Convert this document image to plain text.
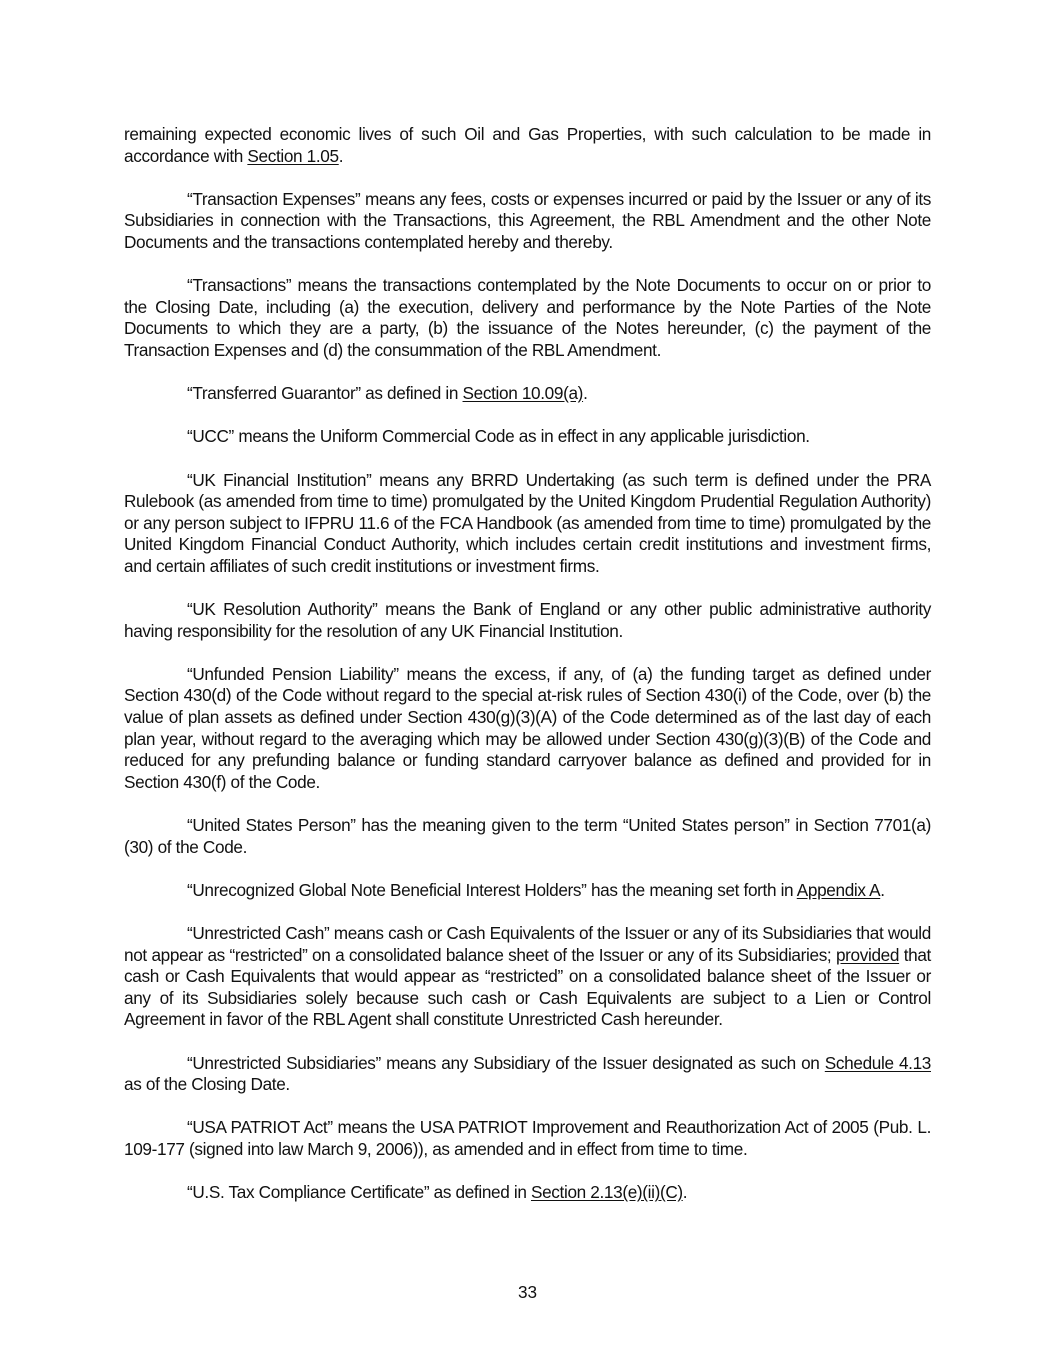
remaining expected economic lives of such Oil and Gas Properties, with such calculation to be made in accordance with Section 1.05.

“Transaction Expenses” means any fees, costs or expenses incurred or paid by the Issuer or any of its Subsidiaries in connection with the Transactions, this Agreement, the RBL Amendment and the other Note Documents and the transactions contemplated hereby and thereby.

“Transactions” means the transactions contemplated by the Note Documents to occur on or prior to the Closing Date, including (a) the execution, delivery and performance by the Note Parties of the Note Documents to which they are a party, (b) the issuance of the Notes hereunder, (c) the payment of the Transaction Expenses and (d) the consummation of the RBL Amendment.

“Transferred Guarantor” as defined in Section 10.09(a).

“UCC” means the Uniform Commercial Code as in effect in any applicable jurisdiction.

“UK Financial Institution” means any BRRD Undertaking (as such term is defined under the PRA Rulebook (as amended from time to time) promulgated by the United Kingdom Prudential Regulation Authority) or any person subject to IFPRU 11.6 of the FCA Handbook (as amended from time to time) promulgated by the United Kingdom Financial Conduct Authority, which includes certain credit institutions and investment firms, and certain affiliates of such credit institutions or investment firms.

“UK Resolution Authority” means the Bank of England or any other public administrative authority having responsibility for the resolution of any UK Financial Institution.

“Unfunded Pension Liability” means the excess, if any, of (a) the funding target as defined under Section 430(d) of the Code without regard to the special at-risk rules of Section 430(i) of the Code, over (b) the value of plan assets as defined under Section 430(g)(3)(A) of the Code determined as of the last day of each plan year, without regard to the averaging which may be allowed under Section 430(g)(3)(B) of the Code and reduced for any prefunding balance or funding standard carryover balance as defined and provided for in Section 430(f) of the Code.

“United States Person” has the meaning given to the term “United States person” in Section 7701(a)(30) of the Code.

“Unrecognized Global Note Beneficial Interest Holders” has the meaning set forth in Appendix A.

“Unrestricted Cash” means cash or Cash Equivalents of the Issuer or any of its Subsidiaries that would not appear as “restricted” on a consolidated balance sheet of the Issuer or any of its Subsidiaries; provided that cash or Cash Equivalents that would appear as “restricted” on a consolidated balance sheet of the Issuer or any of its Subsidiaries solely because such cash or Cash Equivalents are subject to a Lien or Control Agreement in favor of the RBL Agent shall constitute Unrestricted Cash hereunder.

“Unrestricted Subsidiaries” means any Subsidiary of the Issuer designated as such on Schedule 4.13 as of the Closing Date.

“USA PATRIOT Act” means the USA PATRIOT Improvement and Reauthorization Act of 2005 (Pub. L. 109-177 (signed into law March 9, 2006)), as amended and in effect from time to time.

“U.S. Tax Compliance Certificate” as defined in Section 2.13(e)(ii)(C).

33
